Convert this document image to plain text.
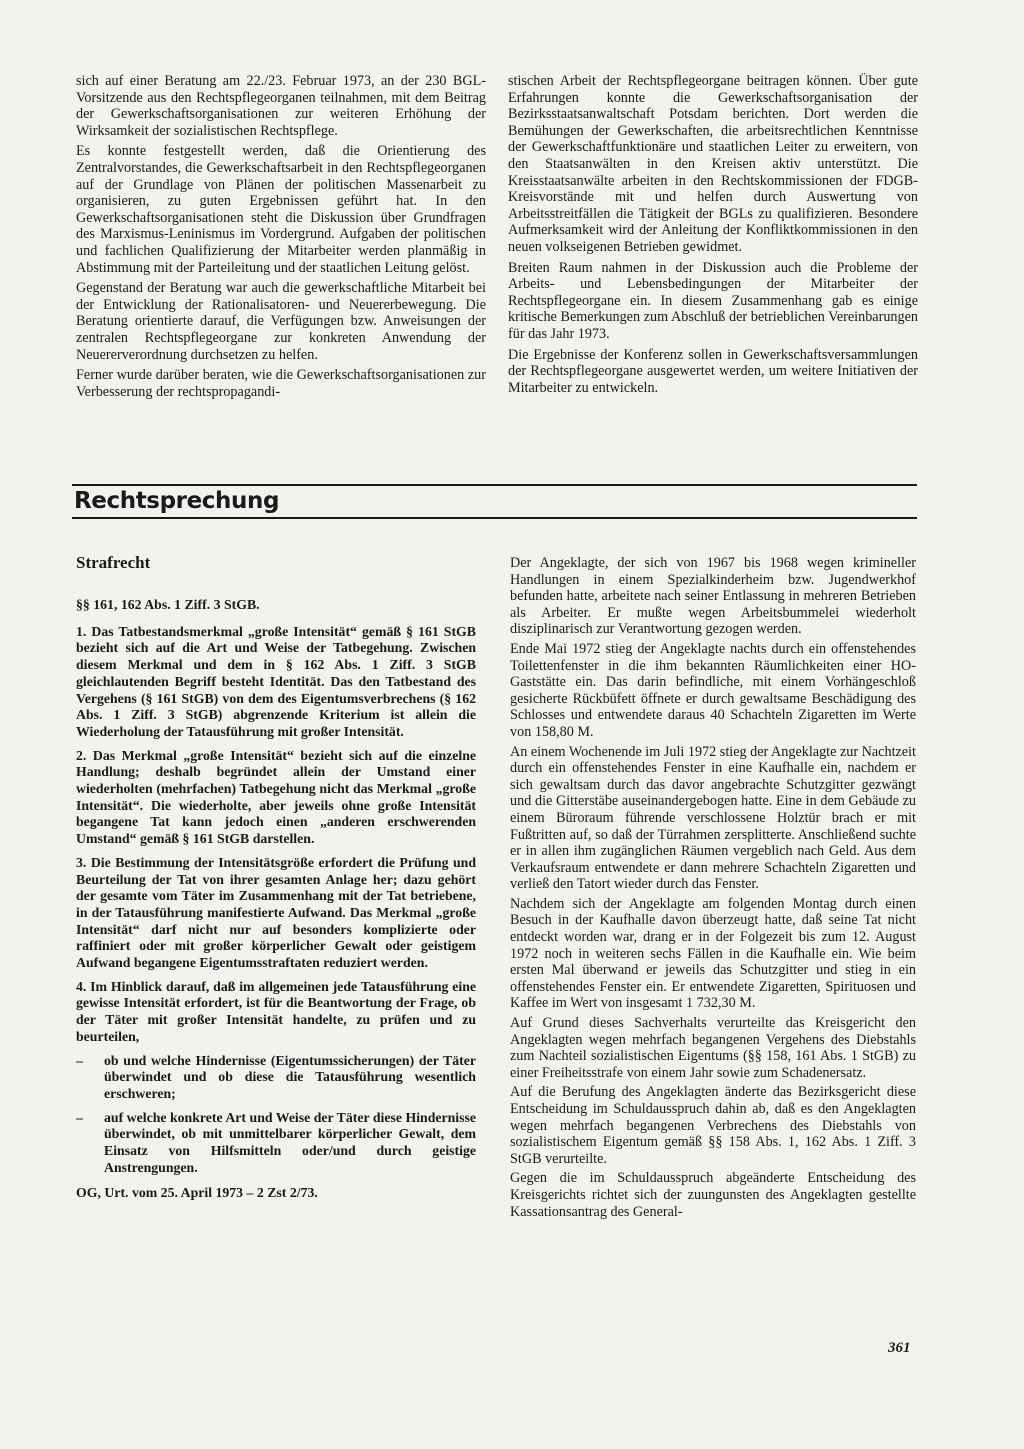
sich auf einer Beratung am 22./23. Februar 1973, an der 230 BGL-Vorsitzende aus den Rechtspflegeorganen teilnahmen, mit dem Beitrag der Gewerkschaftsorganisationen zur weiteren Erhöhung der Wirksamkeit der sozialistischen Rechtspflege.

Es konnte festgestellt werden, daß die Orientierung des Zentralvorstandes, die Gewerkschaftsarbeit in den Rechtspflegeorganen auf der Grundlage von Plänen der politischen Massenarbeit zu organisieren, zu guten Ergebnissen geführt hat. In den Gewerkschaftsorganisationen steht die Diskussion über Grundfragen des Marxismus-Leninismus im Vordergrund. Aufgaben der politischen und fachlichen Qualifizierung der Mitarbeiter werden planmäßig in Abstimmung mit der Parteileitung und der staatlichen Leitung gelöst.

Gegenstand der Beratung war auch die gewerkschaftliche Mitarbeit bei der Entwicklung der Rationalisatoren- und Neuererbewegung. Die Beratung orientierte darauf, die Verfügungen bzw. Anweisungen der zentralen Rechtspflegeorgane zur konkreten Anwendung der Neuererverordnung durchsetzen zu helfen.

Ferner wurde darüber beraten, wie die Gewerkschaftsorganisationen zur Verbesserung der rechtspropagandi-

stischen Arbeit der Rechtspflegeorgane beitragen können. Über gute Erfahrungen konnte die Gewerkschaftsorganisation der Bezirksstaatsanwaltschaft Potsdam berichten. Dort werden die Bemühungen der Gewerkschaften, die arbeitsrechtlichen Kenntnisse der Gewerkschaftfunktionäre und staatlichen Leiter zu erweitern, von den Staatsanwälten in den Kreisen aktiv unterstützt. Die Kreisstaatsanwälte arbeiten in den Rechtskommissionen der FDGB-Kreisvorstände mit und helfen durch Auswertung von Arbeitsstreitfällen die Tätigkeit der BGLs zu qualifizieren. Besondere Aufmerksamkeit wird der Anleitung der Konfliktkommissionen in den neuen volkseigenen Betrieben gewidmet.

Breiten Raum nahmen in der Diskussion auch die Probleme der Arbeits- und Lebensbedingungen der Mitarbeiter der Rechtspflegeorgane ein. In diesem Zusammenhang gab es einige kritische Bemerkungen zum Abschluß der betrieblichen Vereinbarungen für das Jahr 1973.

Die Ergebnisse der Konferenz sollen in Gewerkschaftsversammlungen der Rechtspflegeorgane ausgewertet werden, um weitere Initiativen der Mitarbeiter zu entwickeln.

Rechtsprechung
Strafrecht

§§ 161, 162 Abs. 1 Ziff. 3 StGB.

1. Das Tatbestandsmerkmal „große Intensität“ gemäß § 161 StGB bezieht sich auf die Art und Weise der Tatbegehung. Zwischen diesem Merkmal und dem in § 162 Abs. 1 Ziff. 3 StGB gleichlautenden Begriff besteht Identität. Das den Tatbestand des Vergehens (§ 161 StGB) von dem des Eigentumsverbrechens (§ 162 Abs. 1 Ziff. 3 StGB) abgrenzende Kriterium ist allein die Wiederholung der Tatausführung mit großer Intensität.

2. Das Merkmal „große Intensität“ bezieht sich auf die einzelne Handlung; deshalb begründet allein der Umstand einer wiederholten (mehrfachen) Tatbegehung nicht das Merkmal „große Intensität“. Die wiederholte, aber jeweils ohne große Intensität begangene Tat kann jedoch einen „anderen erschwerenden Umstand“ gemäß § 161 StGB darstellen.

3. Die Bestimmung der Intensitätsgröße erfordert die Prüfung und Beurteilung der Tat von ihrer gesamten Anlage her; dazu gehört der gesamte vom Täter im Zusammenhang mit der Tat betriebene, in der Tatausführung manifestierte Aufwand. Das Merkmal „große Intensität“ darf nicht nur auf besonders komplizierte oder raffiniert oder mit großer körperlicher Gewalt oder geistigem Aufwand begangene Eigentumsstraftaten reduziert werden.

4. Im Hinblick darauf, daß im allgemeinen jede Tatausführung eine gewisse Intensität erfordert, ist für die Beantwortung der Frage, ob der Täter mit großer Intensität handelte, zu prüfen und zu beurteilen,

– ob und welche Hindernisse (Eigentumssicherungen) der Täter überwindet und ob diese die Tatausführung wesentlich erschweren;
– auf welche konkrete Art und Weise der Täter diese Hindernisse überwindet, ob mit unmittelbarer körperlicher Gewalt, dem Einsatz von Hilfsmitteln oder/und durch geistige Anstrengungen.

OG, Urt. vom 25. April 1973 – 2 Zst 2/73.

Der Angeklagte, der sich von 1967 bis 1968 wegen krimineller Handlungen in einem Spezialkinderheim bzw. Jugendwerkhof befunden hatte, arbeitete nach seiner Entlassung in mehreren Betrieben als Arbeiter. Er mußte wegen Arbeitsbummelei wiederholt disziplinarisch zur Verantwortung gezogen werden.

Ende Mai 1972 stieg der Angeklagte nachts durch ein offenstehendes Toilettenfenster in die ihm bekannten Räumlichkeiten einer HO-Gaststätte ein. Das darin befindliche, mit einem Vorhängeschloß gesicherte Rückbüfett öffnete er durch gewaltsame Beschädigung des Schlosses und entwendete daraus 40 Schachteln Zigaretten im Werte von 158,80 M.

An einem Wochenende im Juli 1972 stieg der Angeklagte zur Nachtzeit durch ein offenstehendes Fenster in eine Kaufhalle ein, nachdem er sich gewaltsam durch das davor angebrachte Schutzgitter gezwängt und die Gitterstäbe auseinandergebogen hatte. Eine in dem Gebäude zu einem Büroraum führende verschlossene Holztür brach er mit Fußtritten auf, so daß der Türrahmen zersplitterte. Anschließend suchte er in allen ihm zugänglichen Räumen vergeblich nach Geld. Aus dem Verkaufsraum entwendete er dann mehrere Schachteln Zigaretten und verließ den Tatort wieder durch das Fenster.

Nachdem sich der Angeklagte am folgenden Montag durch einen Besuch in der Kaufhalle davon überzeugt hatte, daß seine Tat nicht entdeckt worden war, drang er in der Folgezeit bis zum 12. August 1972 noch in weiteren sechs Fällen in die Kaufhalle ein. Wie beim ersten Mal überwand er jeweils das Schutzgitter und stieg in ein offenstehendes Fenster ein. Er entwendete Zigaretten, Spirituosen und Kaffee im Wert von insgesamt 1 732,30 M.

Auf Grund dieses Sachverhalts verurteilte das Kreisgericht den Angeklagten wegen mehrfach begangenen Vergehens des Diebstahls zum Nachteil sozialistischen Eigentums (§§ 158, 161 Abs. 1 StGB) zu einer Freiheitsstrafe von einem Jahr sowie zum Schadenersatz.

Auf die Berufung des Angeklagten änderte das Bezirksgericht diese Entscheidung im Schuldausspruch dahin ab, daß es den Angeklagten wegen mehrfach begangenen Verbrechens des Diebstahls von sozialistischem Eigentum gemäß §§ 158 Abs. 1, 162 Abs. 1 Ziff. 3 StGB verurteilte.

Gegen die im Schuldausspruch abgeänderte Entscheidung des Kreisgerichts richtet sich der zuungunsten des Angeklagten gestellte Kassationsantrag des General-

361
